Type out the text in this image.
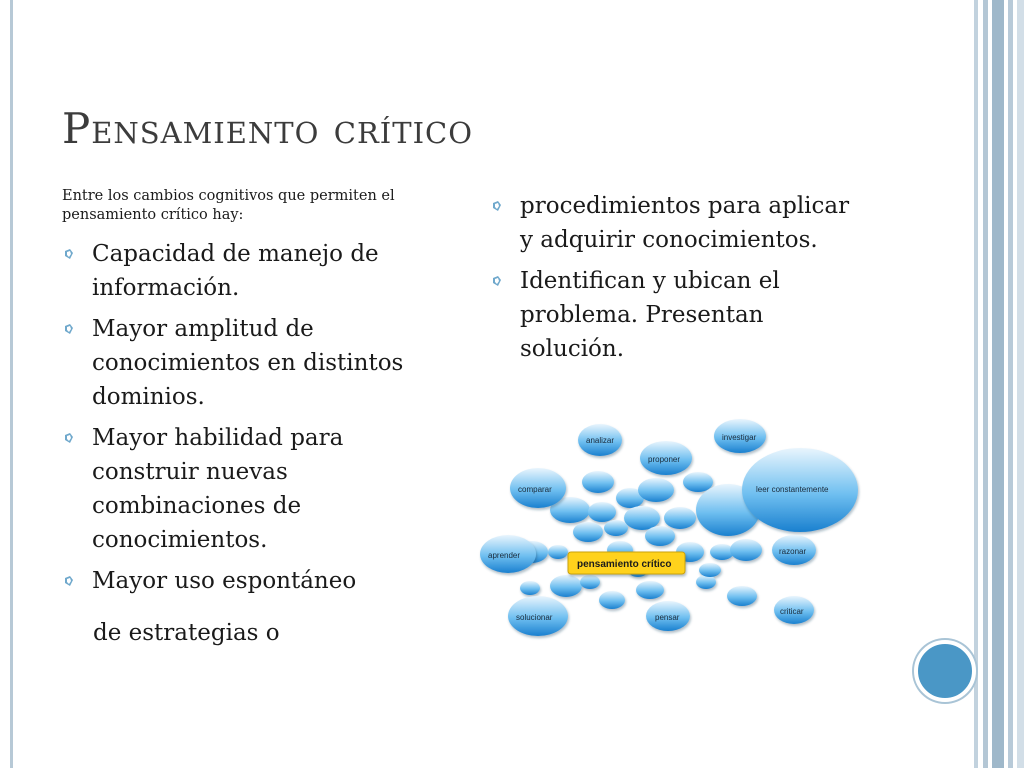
Pensamiento crítico

Entre los cambios cognitivos que permiten el pensamiento crítico hay:

Capacidad de manejo de información.
Mayor amplitud de conocimientos en distintos dominios.
Mayor habilidad para construir nuevas combinaciones de conocimientos.
Mayor uso espontáneo
de estrategias o
procedimientos para aplicar y adquirir conocimientos.
Identifican y ubican el problema. Presentan solución.
analizar	investigar
proponer
comparar	leer constantemente
aprender	razonar
solucionar	pensar
criticar
pensamiento crítico
